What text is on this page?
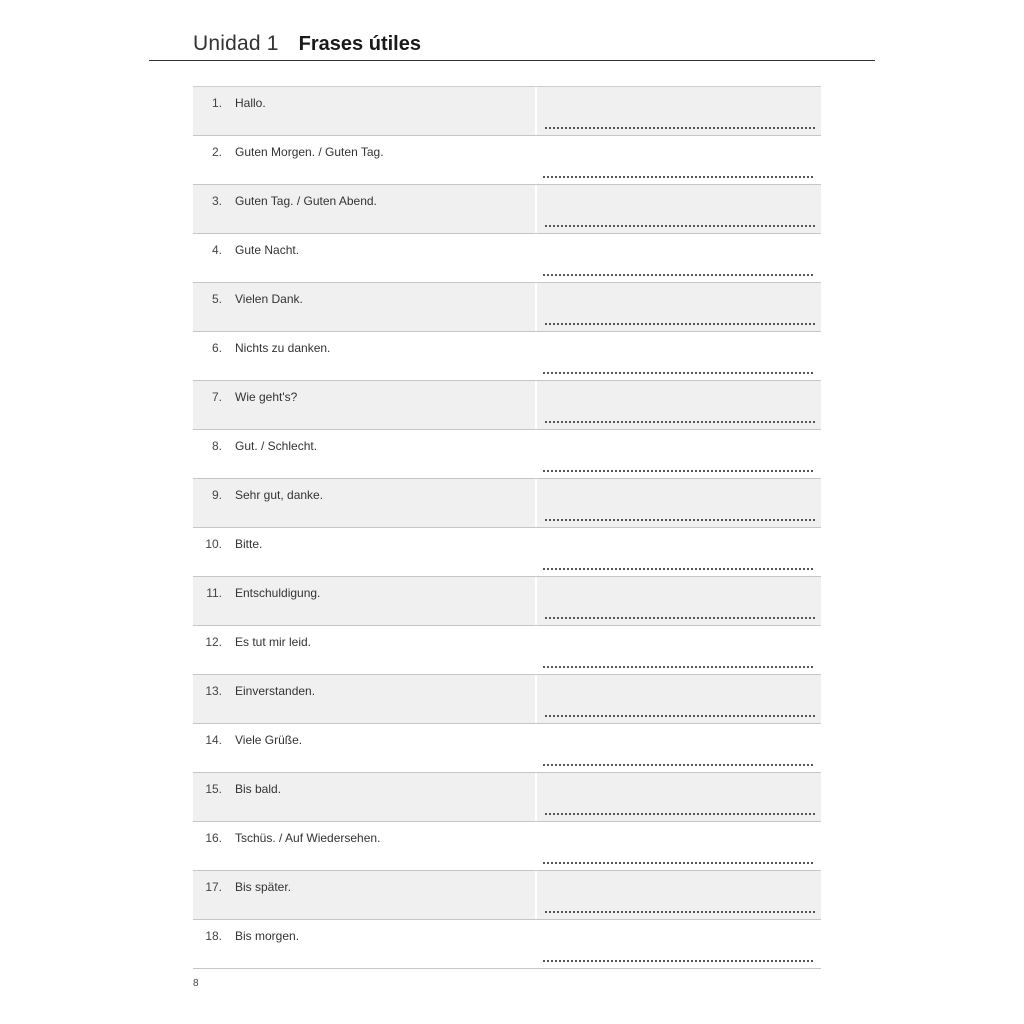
Unidad 1 Frases útiles
1. Hallo.
2. Guten Morgen. / Guten Tag.
3. Guten Tag. / Guten Abend.
4. Gute Nacht.
5. Vielen Dank.
6. Nichts zu danken.
7. Wie geht's?
8. Gut. / Schlecht.
9. Sehr gut, danke.
10. Bitte.
11. Entschuldigung.
12. Es tut mir leid.
13. Einverstanden.
14. Viele Grüße.
15. Bis bald.
16. Tschüs. / Auf Wiedersehen.
17. Bis später.
18. Bis morgen.
8
